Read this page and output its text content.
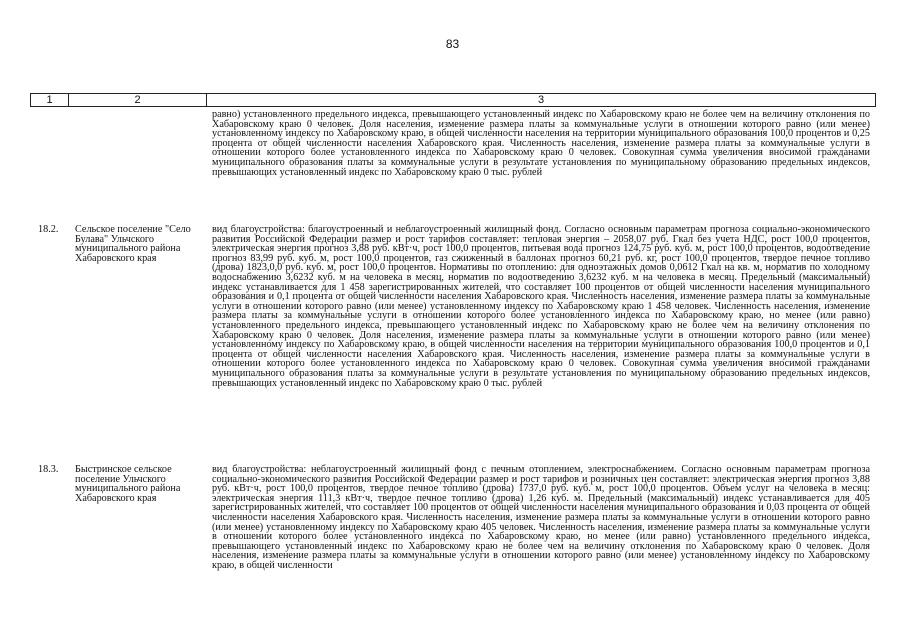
83
1	2	3
равно) установленного предельного индекса, превышающего установленный индекс по Хабаровскому краю не более чем на величину отклонения по Хабаровскому краю 0 человек. Доля населения, изменение размера платы за коммунальные услуги в отношении которого равно (или менее) установленному индексу по Хабаровскому краю, в общей численности населения на территории муниципального образования 100,0 процентов и 0,25 процента от общей численности населения Хабаровского края. Численность населения, изменение размера платы за коммунальные услуги в отношении которого более установленного индекса по Хабаровскому краю 0 человек. Совокупная сумма увеличения вносимой гражданами муниципального образования платы за коммунальные услуги в результате установления по муниципальному образованию предельных индексов, превышающих установленный индекс по Хабаровскому краю 0 тыс. рублей
18.2. Сельское поселение "Село Булава" Ульчского муниципального района Хабаровского края
вид благоустройства: благоустроенный и неблагоустроенный жилищный фонд. Согласно основным параметрам прогноза социально-экономического развития Российской Федерации размер и рост тарифов составляет: тепловая энергия – 2058,07 руб. Гкал без учета НДС, рост 100,0 процентов, электрическая энергия прогноз 3,88 руб. кВт·ч, рост 100,0 процентов, питьевая вода прогноз 124,75 руб. куб. м, рост 100,0 процентов, водоотведение прогноз 83,99 руб. куб. м, рост 100,0 процентов, газ сжиженный в баллонах прогноз 60,21 руб. кг, рост 100,0 процентов, твердое печное топливо (дрова) 1823,0,0 руб. куб. м, рост 100,0 процентов. Нормативы по отоплению: для одноэтажных домов 0,0612 Гкал на кв. м, норматив по холодному водоснабжению 3,6232 куб. м на человека в месяц, норматив по водоотведению 3,6232 куб. м на человека в месяц. Предельный (максимальный) индекс устанавливается для 1 458 зарегистрированных жителей, что составляет 100 процентов от общей численности населения муниципального образования и 0,1 процента от общей численности населения Хабаровского края. Численность населения, изменение размера платы за коммунальные услуги в отношении которого равно (или менее) установленному индексу по Хабаровскому краю 1 458 человек. Численность населения, изменение размера платы за коммунальные услуги в отношении которого более установленного индекса по Хабаровскому краю, но менее (или равно) установленного предельного индекса, превышающего установленный индекс по Хабаровскому краю не более чем на величину отклонения по Хабаровскому краю 0 человек. Доля населения, изменение размера платы за коммунальные услуги в отношении которого равно (или менее) установленному индексу по Хабаровскому краю, в общей численности населения на территории муниципального образования 100,0 процентов и 0,1 процента от общей численности населения Хабаровского края. Численность населения, изменение размера платы за коммунальные услуги в отношении которого более установленного индекса по Хабаровскому краю 0 человек. Совокупная сумма увеличения вносимой гражданами муниципального образования платы за коммунальные услуги в результате установления по муниципальному образованию предельных индексов, превышающих установленный индекс по Хабаровскому краю 0 тыс. рублей
18.3. Быстринское сельское поселение Ульчского муниципального района Хабаровского края
вид благоустройства: неблагоустроенный жилищный фонд с печным отоплением, электроснабжением. Согласно основным параметрам прогноза социально-экономического развития Российской Федерации размер и рост тарифов и розничных цен составляет: электрическая энергия прогноз 3,88 руб. кВт·ч, рост 100,0 процентов, твердое печное топливо (дрова) 1737,0 руб. куб. м, рост 100,0 процентов. Объем услуг на человека в месяц: электрическая энергия 111,3 кВт·ч, твердое печное топливо (дрова) 1,26 куб. м. Предельный (максимальный) индекс устанавливается для 405 зарегистрированных жителей, что составляет 100 процентов от общей численности населения муниципального образования и 0,03 процента от общей численности населения Хабаровского края. Численность населения, изменение размера платы за коммунальные услуги в отношении которого равно (или менее) установленному индексу по Хабаровскому краю 405 человек. Численность населения, изменение размера платы за коммунальные услуги в отношении которого более установленного индекса по Хабаровскому краю, но менее (или равно) установленного предельного индекса, превышающего установленный индекс по Хабаровскому краю не более чем на величину отклонения по Хабаровскому краю 0 человек. Доля населения, изменение размера платы за коммунальные услуги в отношении которого равно (или менее) установленному индексу по Хабаровскому краю, в общей численности
